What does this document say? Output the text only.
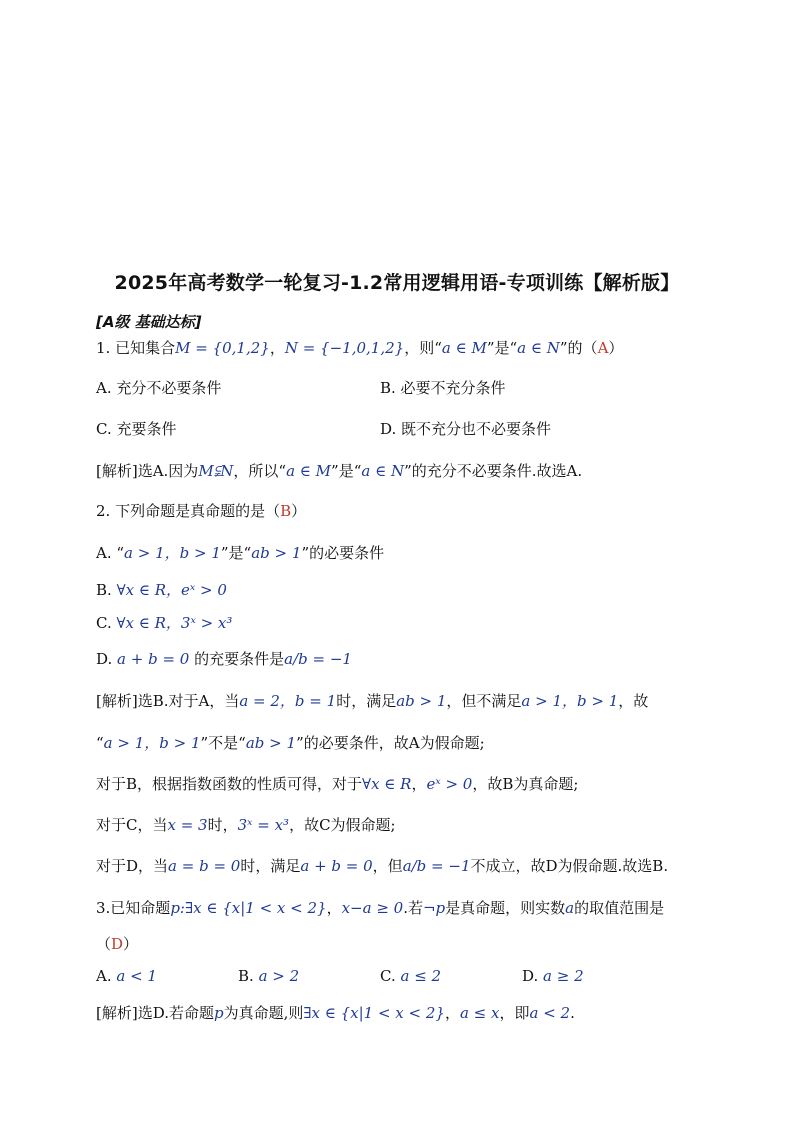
2025年高考数学一轮复习-1.2常用逻辑用语-专项训练【解析版】
[A级 基础达标]
1. 已知集合M = {0,1,2}，N = {−1,0,1,2}，则“a ∈ M”是“a ∈ N”的（A）
A. 充分不必要条件	B. 必要不充分条件
C. 充要条件	D. 既不充分也不必要条件
[解析]选A.因为M⫋N，所以“a ∈ M”是“a ∈ N”的充分不必要条件.故选A.
2. 下列命题是真命题的是（B）
A. “a > 1，b > 1”是“ab > 1”的必要条件
B. ∀x ∈ R，eˣ > 0
C. ∀x ∈ R，3ˣ > x³
D. a + b = 0 的充要条件是a/b = −1
[解析]选B.对于A，当a = 2，b = 1时，满足ab > 1，但不满足a > 1，b > 1，故
“a > 1，b > 1”不是“ab > 1”的必要条件，故A为假命题;
对于B，根据指数函数的性质可得，对于∀x ∈ R，eˣ > 0，故B为真命题;
对于C，当x = 3时，3ˣ = x³，故C为假命题;
对于D，当a = b = 0时，满足a + b = 0，但a/b = −1不成立，故D为假命题.故选B.
3.已知命题p:∃x ∈ {x|1 < x < 2}，x−a ≥ 0.若¬p是真命题，则实数a的取值范围是
（D）
A. a < 1	B. a > 2	C. a ≤ 2	D. a ≥ 2
[解析]选D.若命题p为真命题,则∃x ∈ {x|1 < x < 2}，a ≤ x，即a < 2.
